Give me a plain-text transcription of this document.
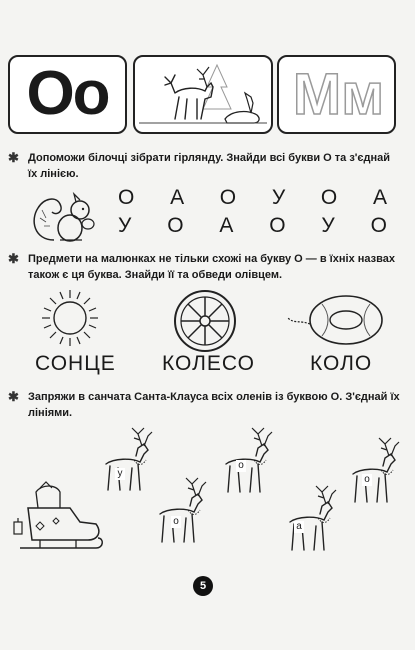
Оо	Мм
✱ Допоможи білочці зібрати гірлянду. Знайди всі букви О та з'єднай їх лінією.
О А О У О А
У О А О У О
✱ Предмети на малюнках не тільки схожі на букву О — в їхніх назвах також є ця буква. Знайди її та обведи олівцем.
СОНЦЕ КОЛЕСО	КОЛО
✱ Запряжи в санчата Санта-Клауса всіх оленів із буквою О. З'єднай їх лініями.
у
о
о
а
о
5
